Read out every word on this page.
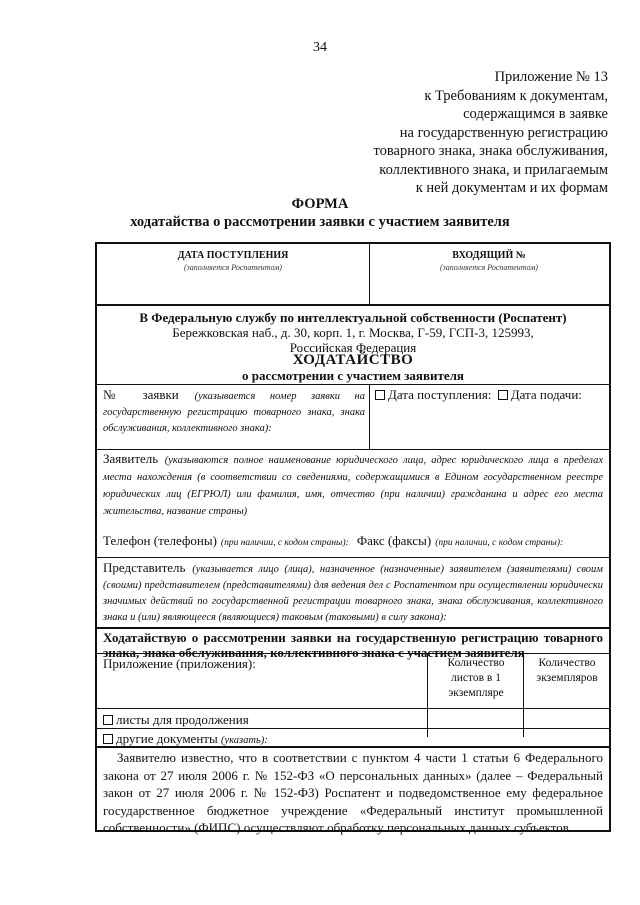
34
Приложение № 13
к Требованиям к документам,
содержащимся в заявке
на государственную регистрацию
товарного знака, знака обслуживания,
коллективного знака, и прилагаемым
к ней документам и их формам
ФОРМА
ходатайства о рассмотрении заявки с участием заявителя
ДАТА ПОСТУПЛЕНИЯ
(заполняется Роспатентом)
ВХОДЯЩИЙ №
(заполняется Роспатентом)
В Федеральную службу по интеллектуальной собственности (Роспатент)
Бережковская наб., д. 30, корп. 1, г. Москва, Г-59, ГСП-3, 125993,
Российская Федерация
ХОДАТАЙСТВО
о рассмотрении с участием заявителя
№ заявки (указывается номер заявки на государственную регистрацию товарного знака, знака обслуживания, коллективного знака):
Дата поступления: Дата подачи:
Заявитель (указываются полное наименование юридического лица, адрес юридического лица в пределах места нахождения (в соответствии со сведениями, содержащимися в Едином государственном реестре юридических лиц (ЕГРЮЛ) или фамилия, имя, отчество (при наличии) гражданина и адрес его места жительства, название страны)
Телефон (телефоны) (при наличии, с кодом страны): Факс (факсы) (при наличии, с кодом страны):
Представитель (указывается лицо (лица), назначенное (назначенные) заявителем (заявителями) своим (своими) представителем (представителями) для ведения дел с Роспатентом при осуществлении юридически значимых действий по государственной регистрации товарного знака, знака обслуживания, коллективного знака и (или) являющееся (являющиеся) таковым (таковыми) в силу закона):
Ходатайствую о рассмотрении заявки на государственную регистрацию товарного знака, знака обслуживания, коллективного знака с участием заявителя
Приложение (приложения):	Количество листов в 1 экземпляре
Количество экземпляров
листы для продолжения
другие документы (указать):
Заявителю известно, что в соответствии с пунктом 4 части 1 статьи 6 Федерального закона от 27 июля 2006 г. № 152-ФЗ «О персональных данных» (далее – Федеральный закон от 27 июля 2006 г. № 152-ФЗ) Роспатент и подведомственное ему федеральное государственное бюджетное учреждение «Федеральный институт промышленной собственности» (ФИПС) осуществляют обработку персональных данных субъектов
